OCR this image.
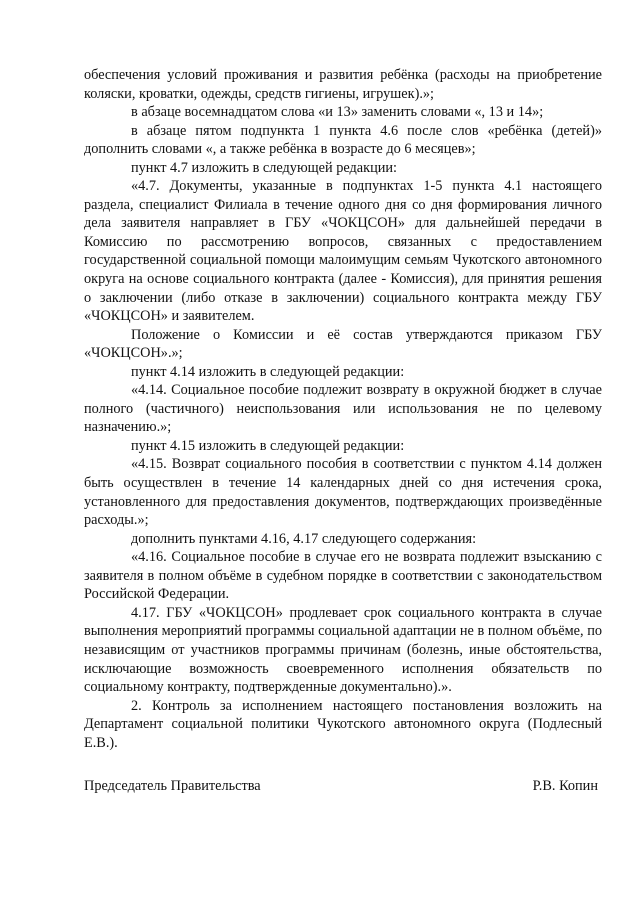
обеспечения условий проживания и развития ребёнка (расходы на приобретение коляски, кроватки, одежды, средств гигиены, игрушек).»;

в абзаце восемнадцатом слова «и 13» заменить словами «, 13 и 14»;

в абзаце пятом подпункта 1 пункта 4.6 после слов «ребёнка (детей)» дополнить словами «, а также ребёнка в возрасте до 6 месяцев»;

пункт 4.7 изложить в следующей редакции:

«4.7. Документы, указанные в подпунктах 1-5 пункта 4.1 настоящего раздела, специалист Филиала в течение одного дня со дня формирования личного дела заявителя направляет в ГБУ «ЧОКЦСОН» для дальнейшей передачи в Комиссию по рассмотрению вопросов, связанных с предоставлением государственной социальной помощи малоимущим семьям Чукотского автономного округа на основе социального контракта (далее - Комиссия), для принятия решения о заключении (либо отказе в заключении) социального контракта между ГБУ «ЧОКЦСОН» и заявителем.

Положение о Комиссии и её состав утверждаются приказом ГБУ «ЧОКЦСОН».»;

пункт 4.14 изложить в следующей редакции:

«4.14. Социальное пособие подлежит возврату в окружной бюджет в случае полного (частичного) неиспользования или использования не по целевому назначению.»;

пункт 4.15 изложить в следующей редакции:

«4.15. Возврат социального пособия в соответствии с пунктом 4.14 должен быть осуществлен в течение 14 календарных дней со дня истечения срока, установленного для предоставления документов, подтверждающих произведённые расходы.»;

дополнить пунктами 4.16, 4.17 следующего содержания:

«4.16. Социальное пособие в случае его не возврата подлежит взысканию с заявителя в полном объёме в судебном порядке в соответствии с законодательством Российской Федерации.

4.17. ГБУ «ЧОКЦСОН» продлевает срок социального контракта в случае выполнения мероприятий программы социальной адаптации не в полном объёме, по независящим от участников программы причинам (болезнь, иные обстоятельства, исключающие возможность своевременного исполнения обязательств по социальному контракту, подтвержденные документально).».

2. Контроль за исполнением настоящего постановления возложить на Департамент социальной политики Чукотского автономного округа (Подлесный Е.В.).

Председатель Правительства	Р.В. Копин
